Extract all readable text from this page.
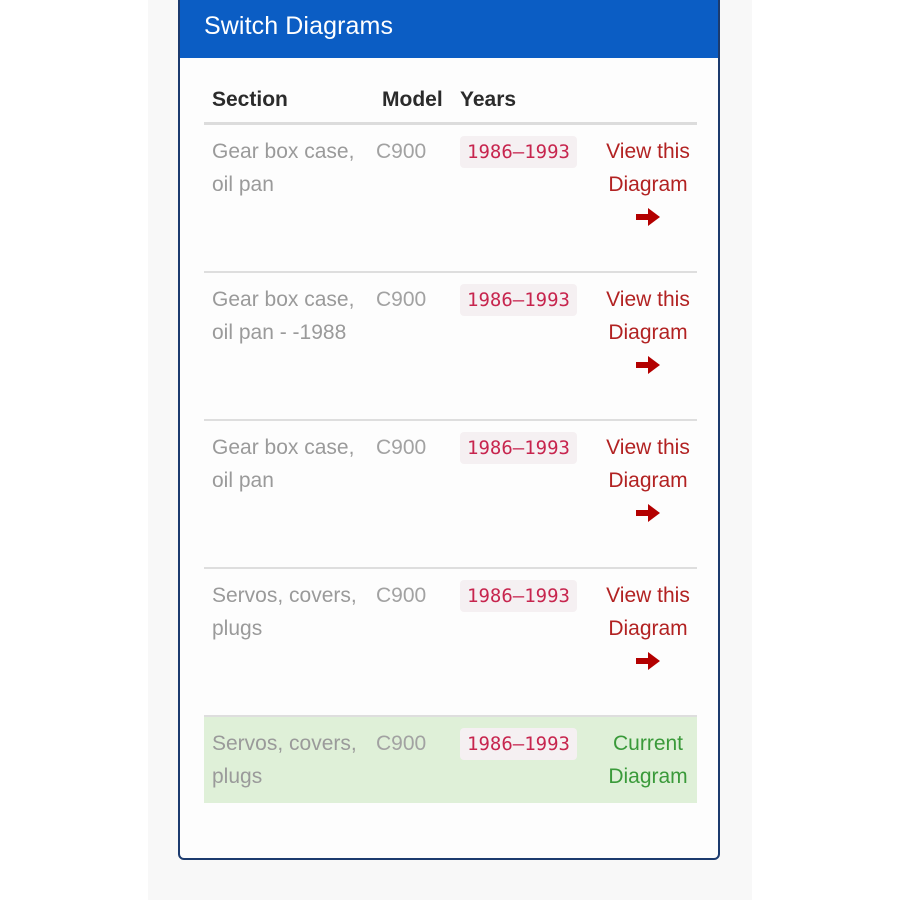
Switch Diagrams
Section	Model	Years	
Gear box case, oil pan	C900	1986–1993	View this Diagram

Gear box case, oil pan - -1988	C900	1986–1993	View this Diagram

Gear box case, oil pan	C900	1986–1993	View this Diagram

Servos, covers, plugs	C900	1986–1993	View this Diagram

Servos, covers, plugs	C900	1986–1993	Current Diagram
